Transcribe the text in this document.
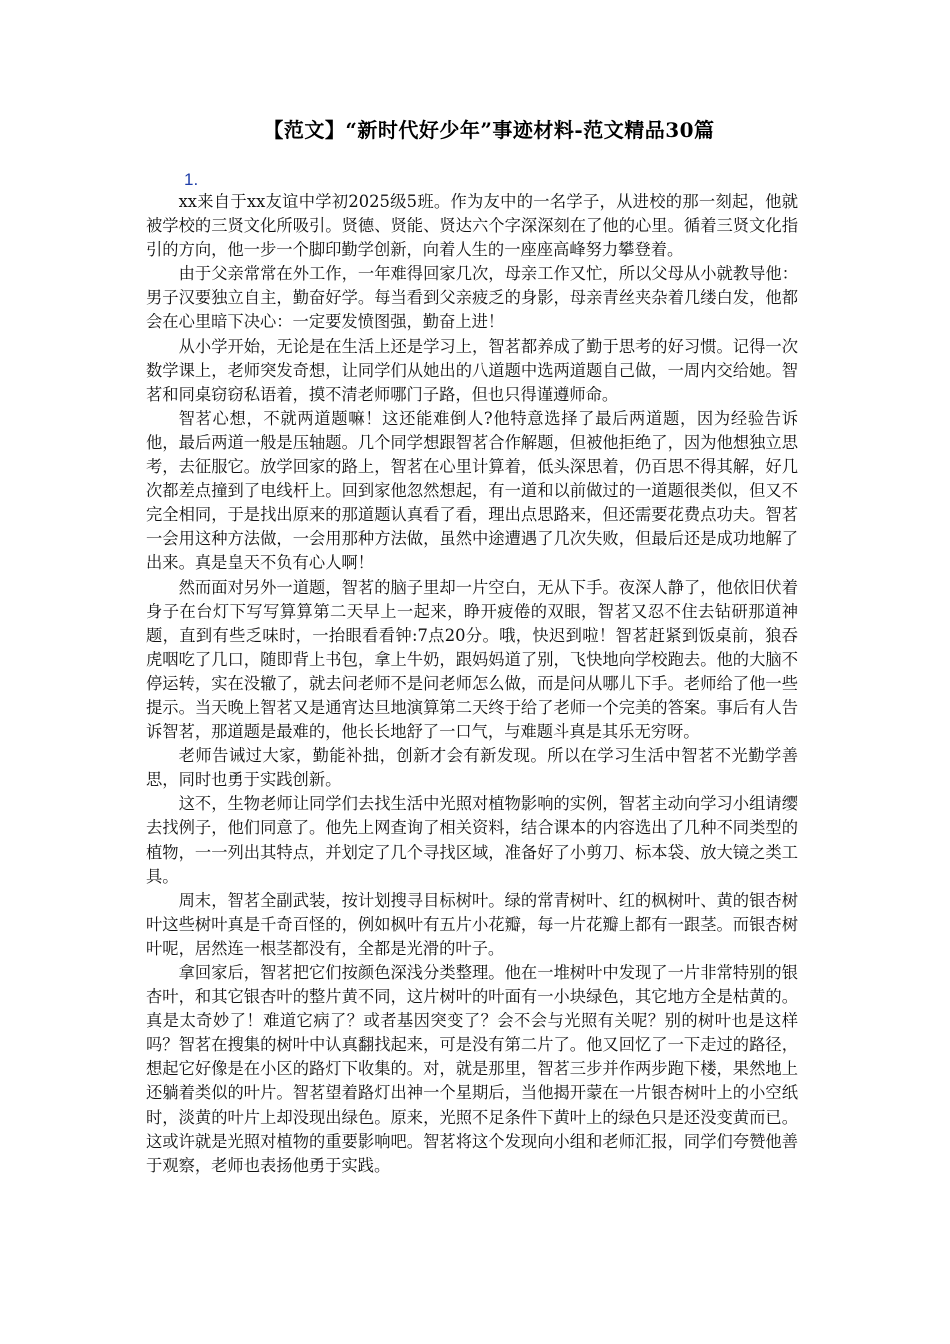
【范文】“新时代好少年”事迹材料-范文精品30篇
1.

xx来自于xx友谊中学初2025级5班。作为友中的一名学子，从进校的那一刻起，他就被学校的三贤文化所吸引。贤德、贤能、贤达六个字深深刻在了他的心里。循着三贤文化指引的方向，他一步一个脚印勤学创新，向着人生的一座座高峰努力攀登着。

由于父亲常常在外工作，一年难得回家几次，母亲工作又忙，所以父母从小就教导他：男子汉要独立自主，勤奋好学。每当看到父亲疲乏的身影，母亲青丝夹杂着几缕白发，他都会在心里暗下决心：一定要发愤图强，勤奋上进！

从小学开始，无论是在生活上还是学习上，智茗都养成了勤于思考的好习惯。记得一次数学课上，老师突发奇想，让同学们从她出的八道题中选两道题自己做，一周内交给她。智茗和同桌窃窃私语着，摸不清老师哪门子路，但也只得谨遵师命。

智茗心想，不就两道题嘛！这还能难倒人?他特意选择了最后两道题，因为经验告诉他，最后两道一般是压轴题。几个同学想跟智茗合作解题，但被他拒绝了，因为他想独立思考，去征服它。放学回家的路上，智茗在心里计算着，低头深思着，仍百思不得其解，好几次都差点撞到了电线杆上。回到家他忽然想起，有一道和以前做过的一道题很类似，但又不完全相同，于是找出原来的那道题认真看了看，理出点思路来，但还需要花费点功夫。智茗一会用这种方法做，一会用那种方法做，虽然中途遭遇了几次失败，但最后还是成功地解了出来。真是皇天不负有心人啊！

然而面对另外一道题，智茗的脑子里却一片空白，无从下手。夜深人静了，他依旧伏着身子在台灯下写写算算第二天早上一起来，睁开疲倦的双眼，智茗又忍不住去钻研那道神题，直到有些乏味时，一抬眼看看钟:7点20分。哦，快迟到啦！智茗赶紧到饭桌前，狼吞虎咽吃了几口，随即背上书包，拿上牛奶，跟妈妈道了别，飞快地向学校跑去。他的大脑不停运转，实在没辙了，就去问老师不是问老师怎么做，而是问从哪儿下手。老师给了他一些提示。当天晚上智茗又是通宵达旦地演算第二天终于给了老师一个完美的答案。事后有人告诉智茗，那道题是最难的，他长长地舒了一口气，与难题斗真是其乐无穷呀。

老师告诫过大家，勤能补拙，创新才会有新发现。所以在学习生活中智茗不光勤学善思，同时也勇于实践创新。

这不，生物老师让同学们去找生活中光照对植物影响的实例，智茗主动向学习小组请缨去找例子，他们同意了。他先上网查询了相关资料，结合课本的内容选出了几种不同类型的植物，一一列出其特点，并划定了几个寻找区域，准备好了小剪刀、标本袋、放大镜之类工具。

周末，智茗全副武装，按计划搜寻目标树叶。绿的常青树叶、红的枫树叶、黄的银杏树叶这些树叶真是千奇百怪的，例如枫叶有五片小花瓣，每一片花瓣上都有一跟茎。而银杏树叶呢，居然连一根茎都没有，全都是光滑的叶子。

拿回家后，智茗把它们按颜色深浅分类整理。他在一堆树叶中发现了一片非常特别的银杏叶，和其它银杏叶的整片黄不同，这片树叶的叶面有一小块绿色，其它地方全是枯黄的。真是太奇妙了！难道它病了？或者基因突变了？会不会与光照有关呢？别的树叶也是这样吗？智茗在搜集的树叶中认真翻找起来，可是没有第二片了。他又回忆了一下走过的路径，想起它好像是在小区的路灯下收集的。对，就是那里，智茗三步并作两步跑下楼，果然地上还躺着类似的叶片。智茗望着路灯出神一个星期后，当他揭开蒙在一片银杏树叶上的小空纸时，淡黄的叶片上却没现出绿色。原来，光照不足条件下黄叶上的绿色只是还没变黄而已。这或许就是光照对植物的重要影响吧。智茗将这个发现向小组和老师汇报，同学们夸赞他善于观察，老师也表扬他勇于实践。
